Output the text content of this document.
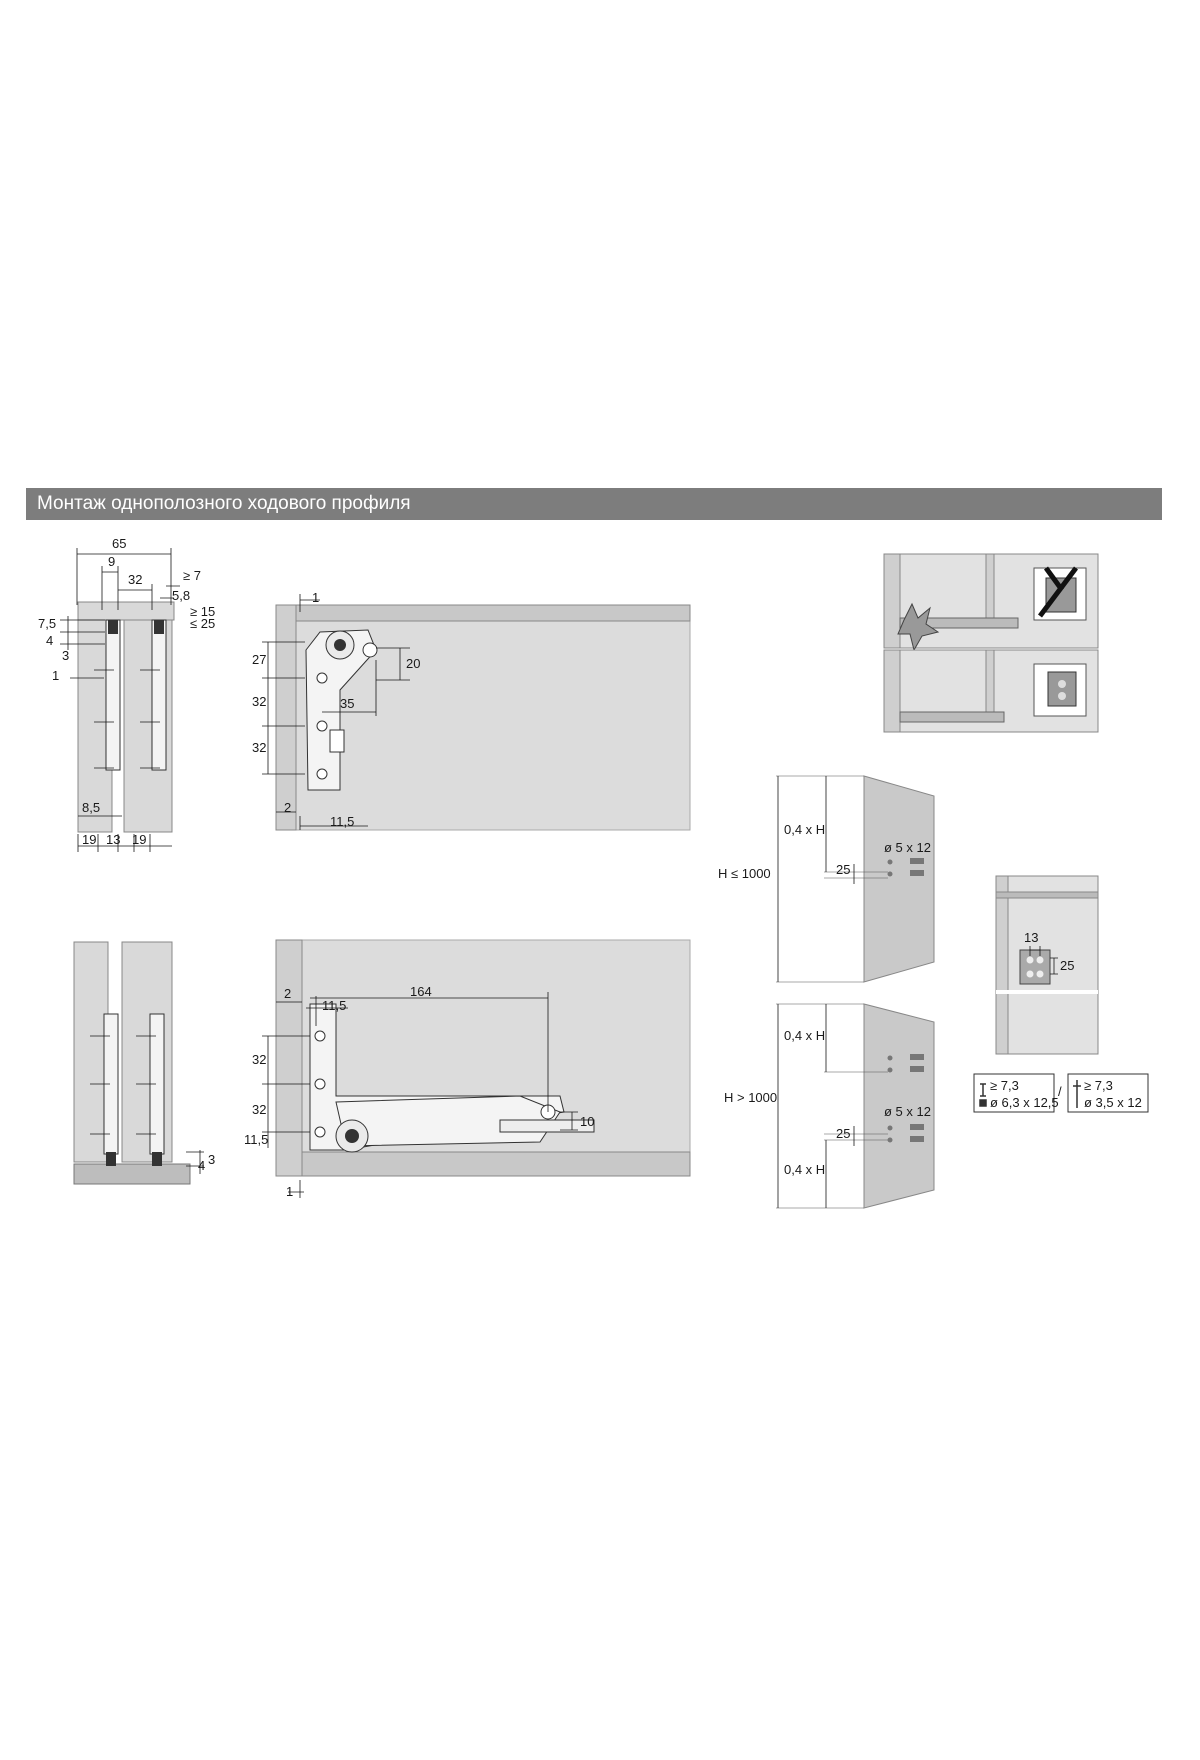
Монтаж однополозного ходового профиля
65
9
32	≥ 7
5,8
7,5
≥ 15
≤ 25
4
3
1
8,5
19 13 19
4 3
1
27	20
32	35
32
2
11,5
2
11,5
164
32
32
11,5
10
1
H ≤ 1000
0,4 x H
25
ø 5 x 12
H > 1000
0,4 x H
0,4 x H
25
ø 5 x 12
13
25
≥ 7,3
ø 6,3 x 12,5
/ ≥ 7,3
ø 3,5 x 12
